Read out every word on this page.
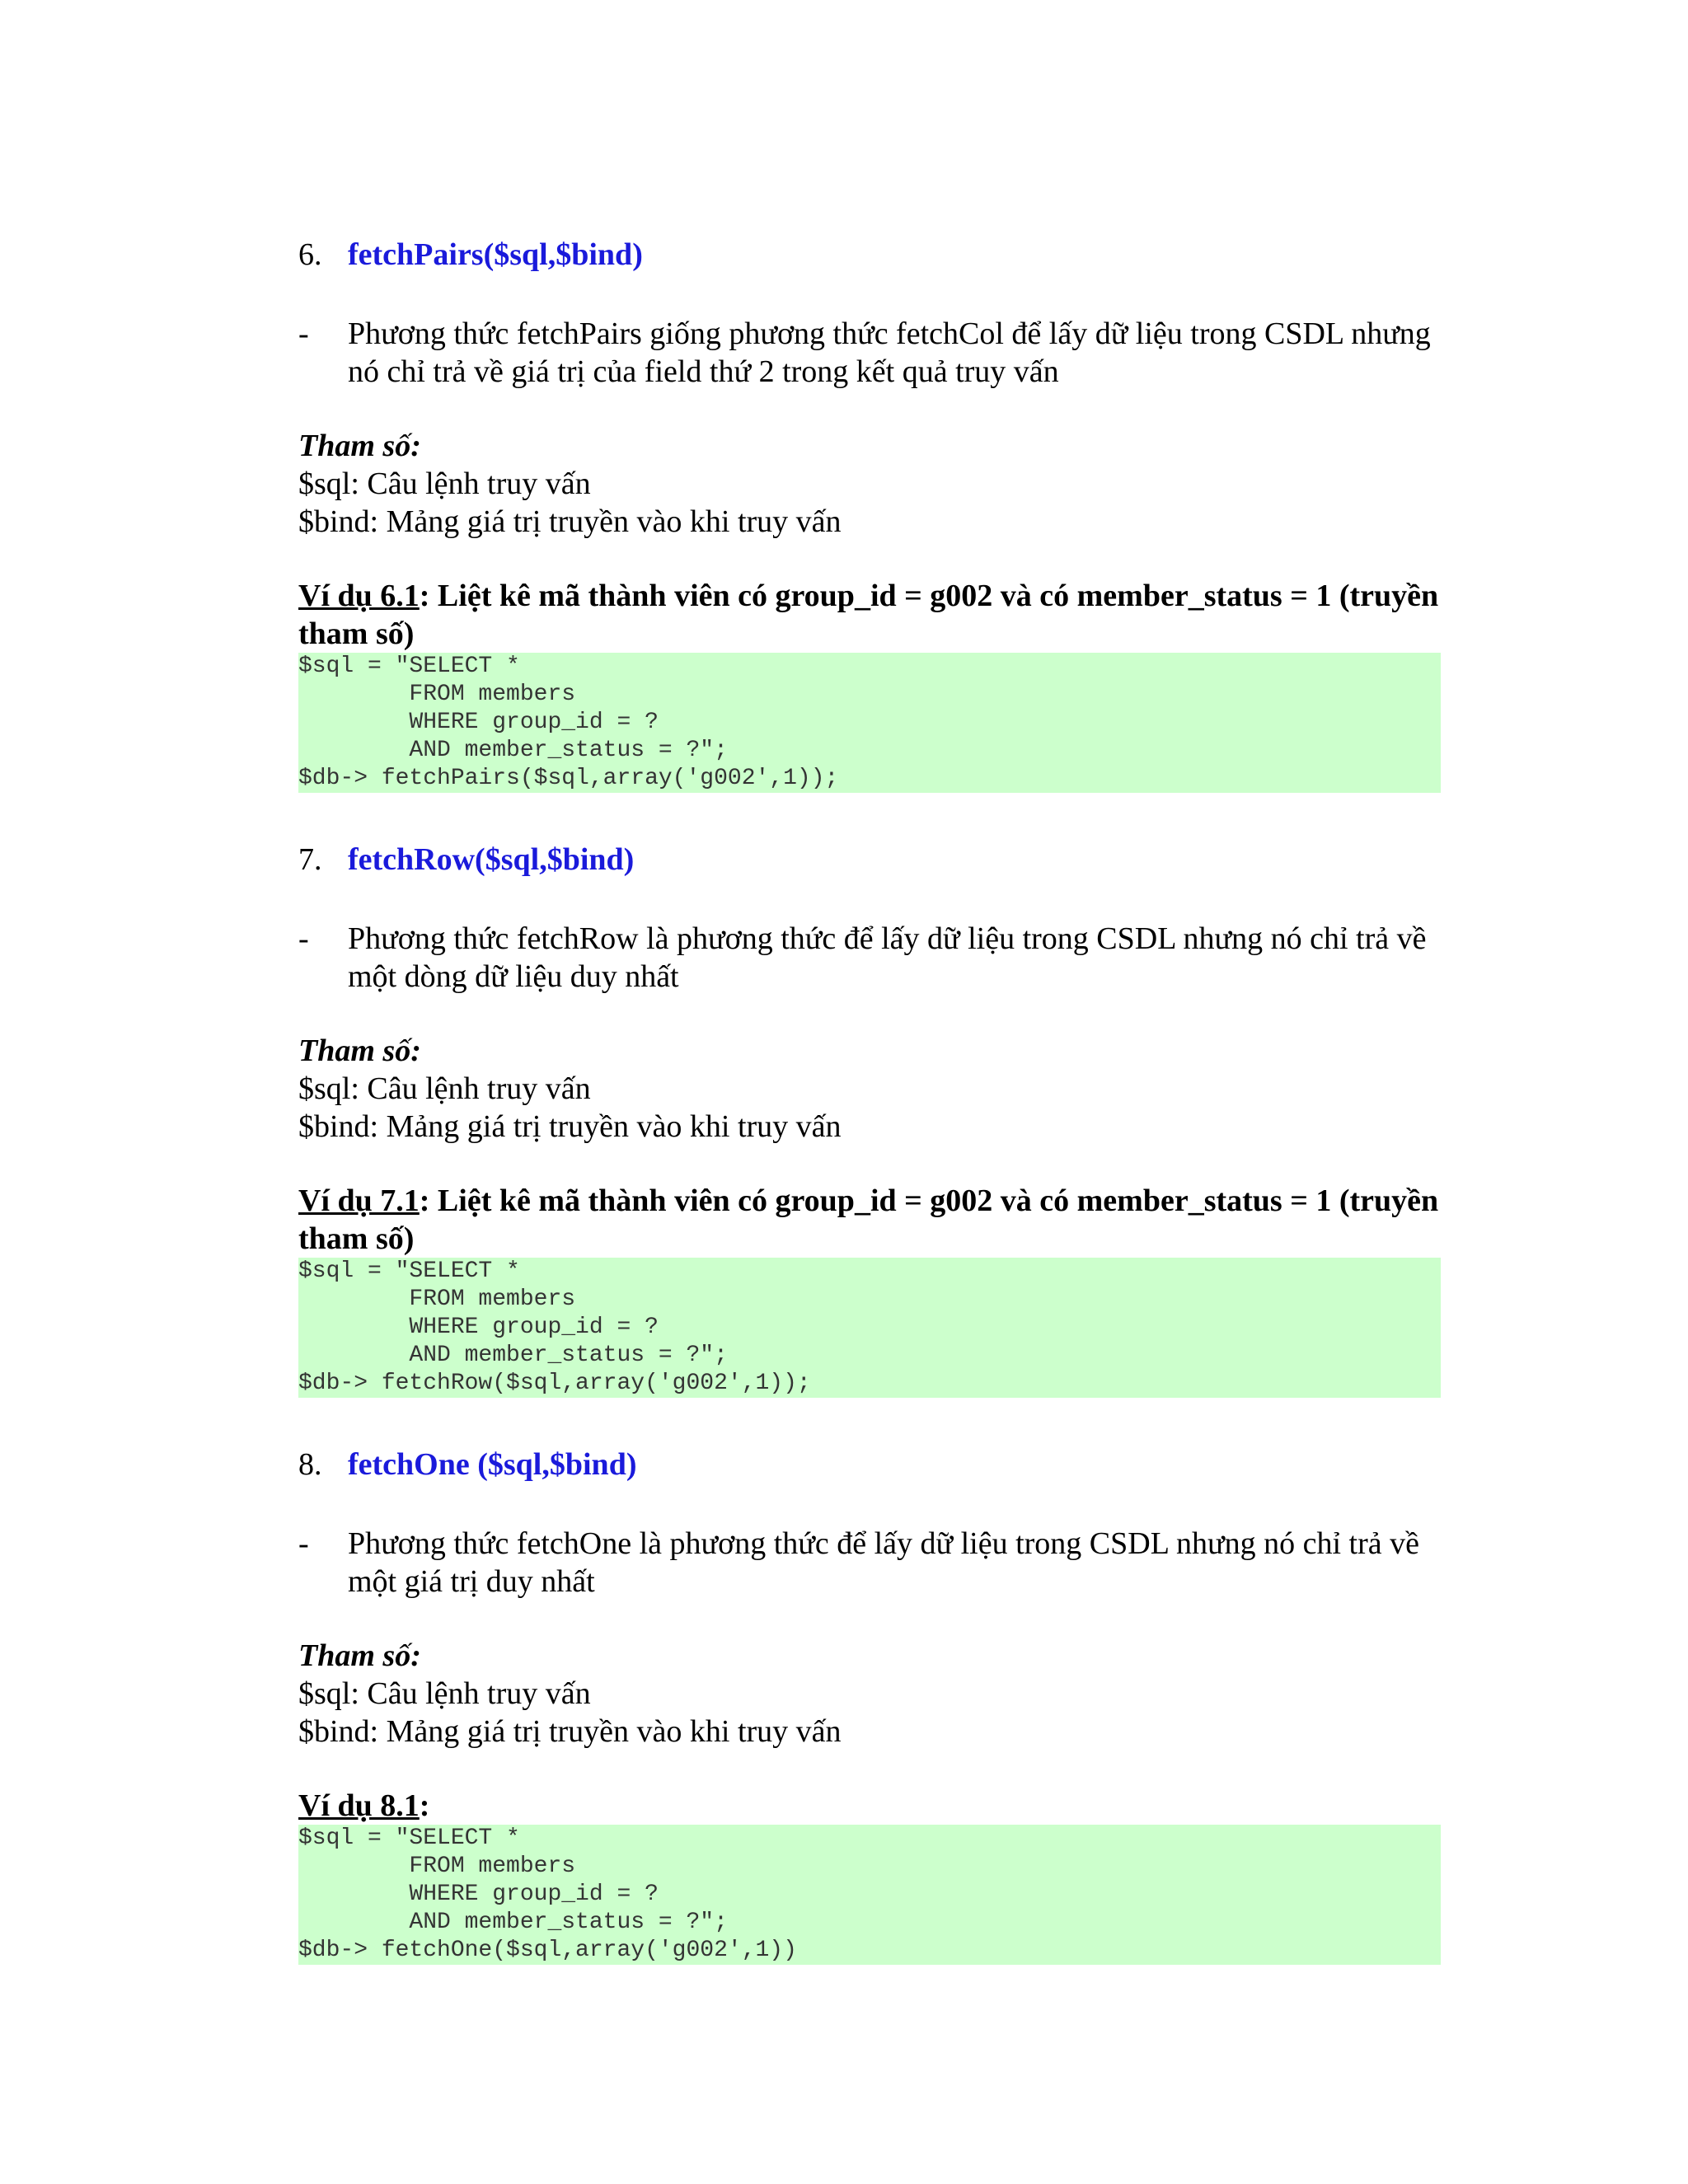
6. fetchPairs($sql,$bind)
- Phương thức fetchPairs giống phương thức fetchCol để lấy dữ liệu trong CSDL nhưng nó chỉ trả về giá trị của field thứ 2 trong kết quả truy vấn
Tham số:
$sql: Câu lệnh truy vấn
$bind: Mảng giá trị truyền vào khi truy vấn
Ví dụ 6.1: Liệt kê mã thành viên có group_id = g002 và có member_status = 1 (truyền tham số)
$sql = "SELECT *
FROM members
WHERE group_id = ?
AND member_status = ?";
$db-> fetchPairs($sql,array('g002',1));
7. fetchRow($sql,$bind)
- Phương thức fetchRow là phương thức để lấy dữ liệu trong CSDL nhưng nó chỉ trả về một dòng dữ liệu duy nhất
Tham số:
$sql: Câu lệnh truy vấn
$bind: Mảng giá trị truyền vào khi truy vấn
Ví dụ 7.1: Liệt kê mã thành viên có group_id = g002 và có member_status = 1 (truyền tham số)
$sql = "SELECT *
FROM members
WHERE group_id = ?
AND member_status = ?";
$db-> fetchRow($sql,array('g002',1));
8. fetchOne ($sql,$bind)
- Phương thức fetchOne là phương thức để lấy dữ liệu trong CSDL nhưng nó chỉ trả về một giá trị duy nhất
Tham số:
$sql: Câu lệnh truy vấn
$bind: Mảng giá trị truyền vào khi truy vấn
Ví dụ 8.1:
$sql = "SELECT *
FROM members
WHERE group_id = ?
AND member_status = ?";
$db-> fetchOne($sql,array('g002',1))
